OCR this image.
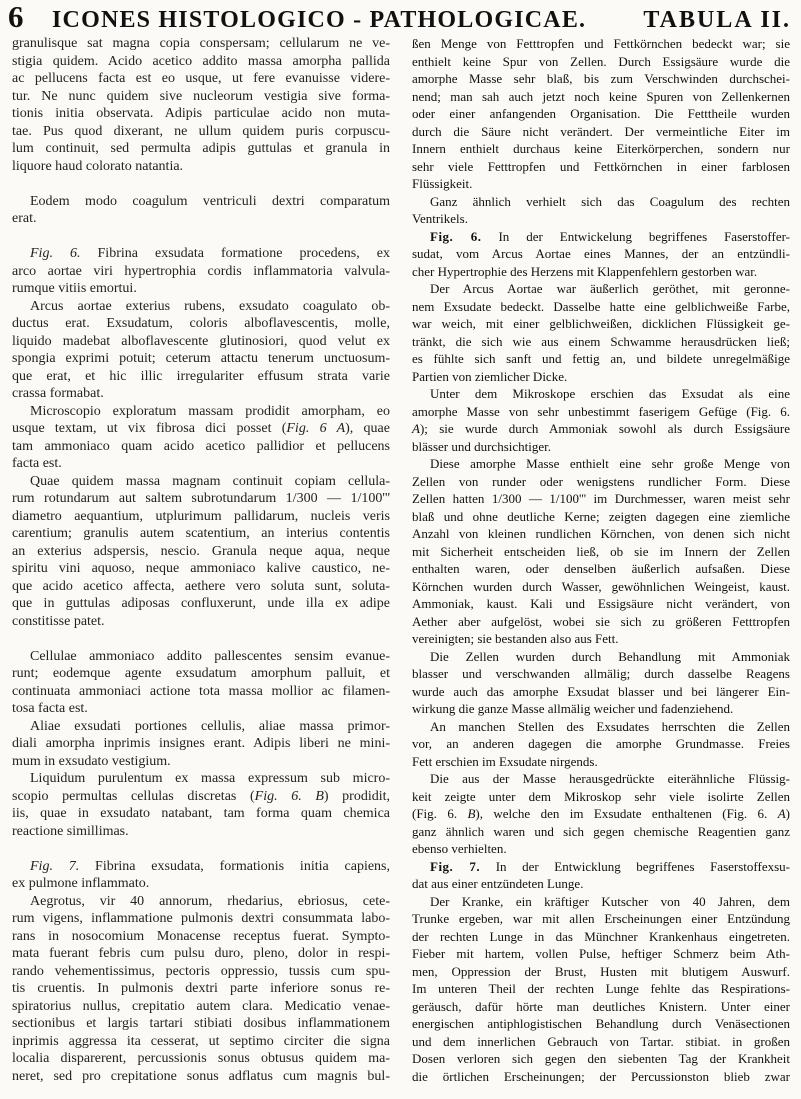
6 ICONES HISTOLOGICO - PATHOLOGICAE. TABULA II.
granulisque sat magna copia conspersam; cellularum ne ve-
stigia quidem. Acido acetico addito massa amorpha pallida
ac pellucens facta est eo usque, ut fere evanuisse videre-
tur. Ne nunc quidem sive nucleorum vestigia sive forma-
tionis initia observata. Adipis particulae acido non muta-
tae. Pus quod dixerant, ne ullum quidem puris corpuscu-
lum continuit, sed permulta adipis guttulas et granula in
liquore haud colorato natantia.
Eodem modo coagulum ventriculi dextri comparatum
erat.
Fig. 6. Fibrina exsudata formatione procedens, ex
arco aortae viri hypertrophia cordis inflammatoria valvula-
rumque vitiis emortui.
Arcus aortae exterius rubens, exsudato coagulato ob-
ductus erat. Exsudatum, coloris alboflavescentis, molle,
liquido madebat alboflavescente glutinosiori, quod velut ex
spongia exprimi potuit; ceterum attactu tenerum unctuosum-
que erat, et hic illic irregulariter effusum strata varie
crassa formabat.
Microscopio exploratum massam prodidit amorpham, eo
usque textam, ut vix fibrosa dici posset (Fig. 6 A), quae
tam ammoniaco quam acido acetico pallidior et pellucens
facta est.
Quae quidem massa magnam continuit copiam cellula-
rum rotundarum aut saltem subrotundarum 1/300 — 1/100'''
diametro aequantium, utplurimum pallidarum, nucleis veris
carentium; granulis autem scatentium, an interius contentis
an exterius adspersis, nescio. Granula neque aqua, neque
spiritu vini aquoso, neque ammoniaco kalive caustico, ne-
que acido acetico affecta, aethere vero soluta sunt, soluta-
que in guttulas adiposas confluxerunt, unde illa ex adipe
constitisse patet.
Cellulae ammoniaco addito pallescentes sensim evanue-
runt; eodemque agente exsudatum amorphum palluit, et
continuata ammoniaci actione tota massa mollior ac filamen-
tosa facta est.
Aliae exsudati portiones cellulis, aliae massa primor-
diali amorpha inprimis insignes erant. Adipis liberi ne mini-
mum in exsudato vestigium.
Liquidum purulentum ex massa expressum sub micro-
scopio permultas cellulas discretas (Fig. 6. B) prodidit,
iis, quae in exsudato natabant, tam forma quam chemica
reactione simillimas.
Fig. 7. Fibrina exsudata, formationis initia capiens,
ex pulmone inflammato.
Aegrotus, vir 40 annorum, rhedarius, ebriosus, cete-
rum vigens, inflammatione pulmonis dextri consummata labo-
rans in nosocomium Monacense receptus fuerat. Sympto-
mata fuerant febris cum pulsu duro, pleno, dolor in respi-
rando vehementissimus, pectoris oppressio, tussis cum spu-
tis cruentis. In pulmonis dextri parte inferiore sonus re-
spiratorius nullus, crepitatio autem clara. Medicatio venae-
sectionibus et largis tartari stibiati dosibus inflammationem
inprimis aggressa ita cesserat, ut septimo circiter die signa
localia disparerent, percussionis sonus obtusus quidem ma-
neret, sed pro crepitatione sonus adflatus cum magnis bul-
ßen Menge von Fetttropfen und Fettkörnchen bedeckt war; sie
enthielt keine Spur von Zellen. Durch Essigsäure wurde die
amorphe Masse sehr blaß, bis zum Verschwinden durchschei-
nend; man sah auch jetzt noch keine Spuren von Zellenkernen
oder einer anfangenden Organisation. Die Fetttheile wurden
durch die Säure nicht verändert. Der vermeintliche Eiter im
Innern enthielt durchaus keine Eiterkörperchen, sondern nur
sehr viele Fetttropfen und Fettkörnchen in einer farblosen
Flüssigkeit.
Ganz ähnlich verhielt sich das Coagulum des rechten
Ventrikels.
Fig. 6. In der Entwickelung begriffenes Faserstoffer-
sudat, vom Arcus Aortae eines Mannes, der an entzündli-
cher Hypertrophie des Herzens mit Klappenfehlern gestorben war.
Der Arcus Aortae war äußerlich geröthet, mit geronne-
nem Exsudate bedeckt. Dasselbe hatte eine gelblichweiße Farbe,
war weich, mit einer gelblichweißen, dicklichen Flüssigkeit ge-
tränkt, die sich wie aus einem Schwamme herausdrücken ließ;
es fühlte sich sanft und fettig an, und bildete unregelmäßige
Partien von ziemlicher Dicke.
Unter dem Mikroskope erschien das Exsudat als eine
amorphe Masse von sehr unbestimmt faserigem Gefüge (Fig. 6.
A); sie wurde durch Ammoniak sowohl als durch Essigsäure
blässer und durchsichtiger.
Diese amorphe Masse enthielt eine sehr große Menge von
Zellen von runder oder wenigstens rundlicher Form. Diese
Zellen hatten 1/300 — 1/100''' im Durchmesser, waren meist sehr
blaß und ohne deutliche Kerne; zeigten dagegen eine ziemliche
Anzahl von kleinen rundlichen Körnchen, von denen sich nicht
mit Sicherheit entscheiden ließ, ob sie im Innern der Zellen
enthalten waren, oder denselben äußerlich aufsaßen. Diese
Körnchen wurden durch Wasser, gewöhnlichen Weingeist, kaust.
Ammoniak, kaust. Kali und Essigsäure nicht verändert, von
Aether aber aufgelöst, wobei sie sich zu größeren Fetttropfen
vereinigten; sie bestanden also aus Fett.
Die Zellen wurden durch Behandlung mit Ammoniak
blasser und verschwanden allmälig; durch dasselbe Reagens
wurde auch das amorphe Exsudat blasser und bei längerer Ein-
wirkung die ganze Masse allmälig weicher und fadenziehend.
An manchen Stellen des Exsudates herrschten die Zellen
vor, an anderen dagegen die amorphe Grundmasse. Freies
Fett erschien im Exsudate nirgends.
Die aus der Masse herausgedrückte eiterähnliche Flüssig-
keit zeigte unter dem Mikroskop sehr viele isolirte Zellen
(Fig. 6. B), welche den im Exsudate enthaltenen (Fig. 6. A)
ganz ähnlich waren und sich gegen chemische Reagentien ganz
ebenso verhielten.
Fig. 7. In der Entwicklung begriffenes Faserstoffexsu-
dat aus einer entzündeten Lunge.
Der Kranke, ein kräftiger Kutscher von 40 Jahren, dem
Trunke ergeben, war mit allen Erscheinungen einer Entzündung
der rechten Lunge in das Münchner Krankenhaus eingetreten.
Fieber mit hartem, vollen Pulse, heftiger Schmerz beim Ath-
men, Oppression der Brust, Husten mit blutigem Auswurf.
Im unteren Theil der rechten Lunge fehlte das Respirations-
geräusch, dafür hörte man deutliches Knistern. Unter einer
energischen antiphlogistischen Behandlung durch Venäsectionen
und dem innerlichen Gebrauch von Tartar. stibiat. in großen
Dosen verloren sich gegen den siebenten Tag der Krankheit
die örtlichen Erscheinungen; der Percussionston blieb zwar
